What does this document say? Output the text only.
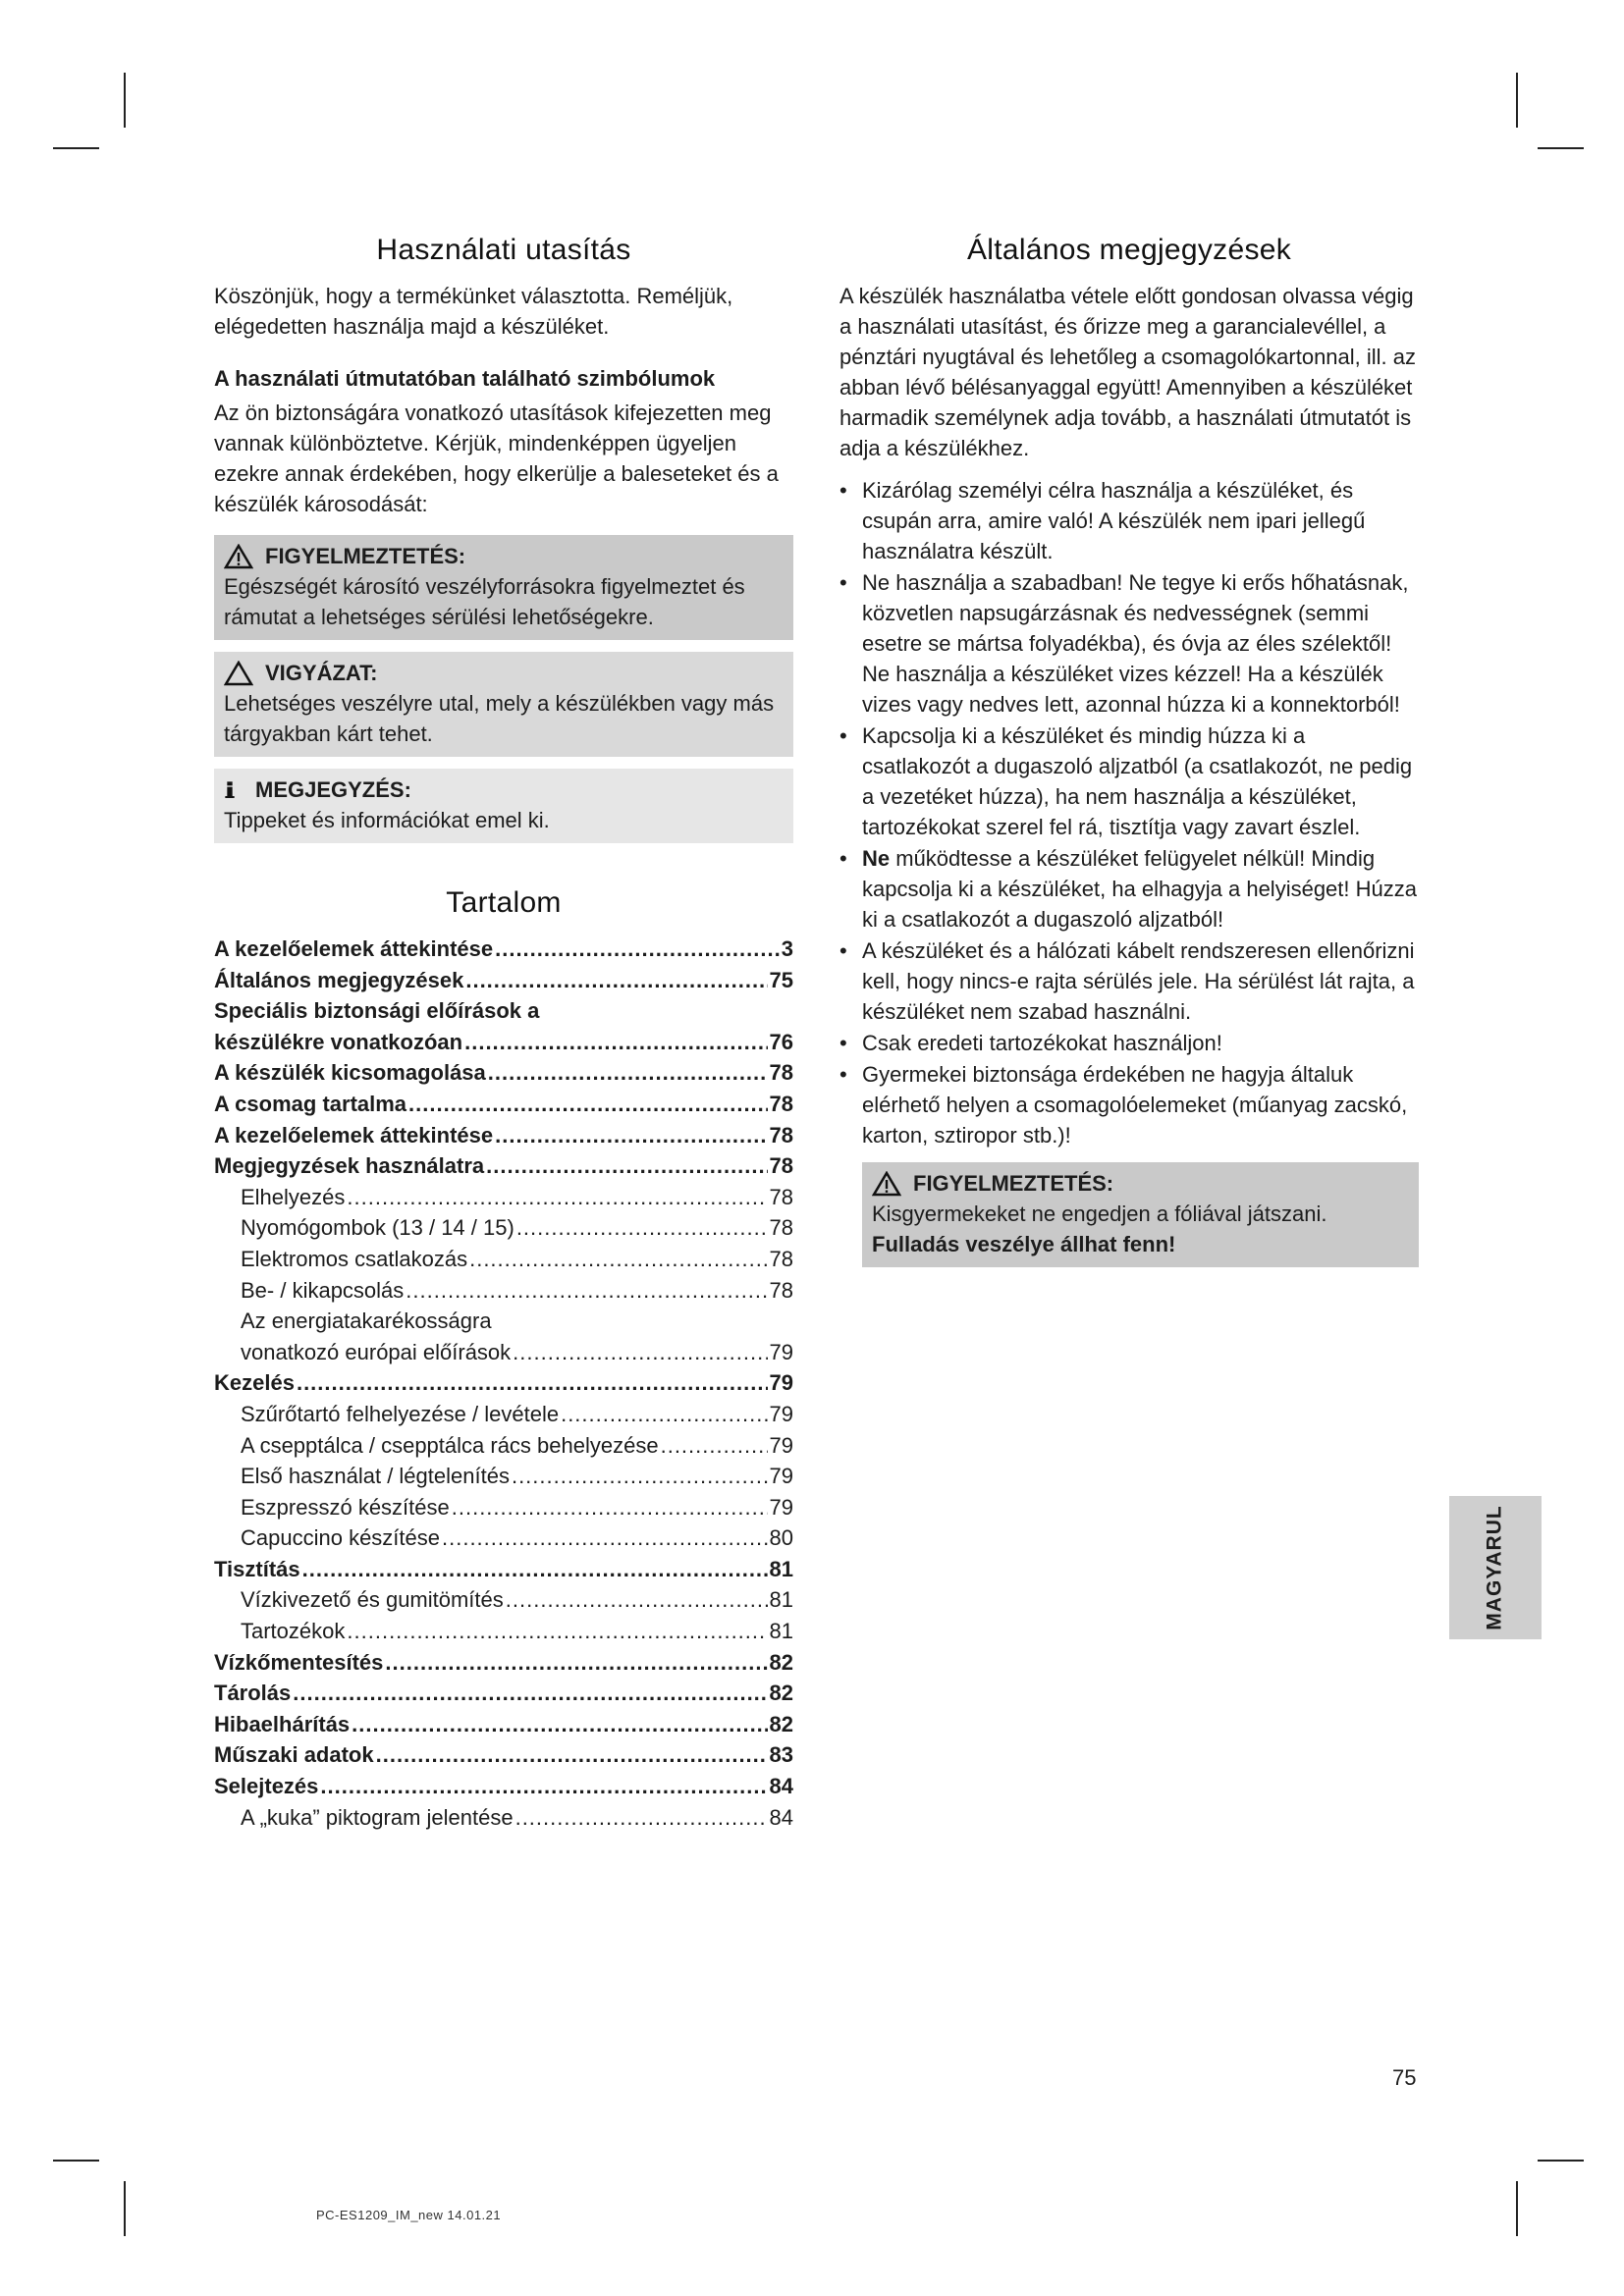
Használati utasítás

Köszönjük, hogy a termékünket választotta. Reméljük, elégedetten használja majd a készüléket.

A használati útmutatóban található szimbólumok

Az ön biztonságára vonatkozó utasítások kifejezetten meg vannak különböztetve. Kérjük, mindenképpen ügyeljen ezekre annak érdekében, hogy elkerülje a baleseteket és a készülék károsodását:

FIGYELMEZTETÉS:

Egészségét károsító veszélyforrásokra figyelmeztet és rámutat a lehetséges sérülési lehetőségekre.

VIGYÁZAT:

Lehetséges veszélyre utal, mely a készülékben vagy más tárgyakban kárt tehet.

MEGJEGYZÉS:

Tippeket és információkat emel ki.

Tartalom
A kezelőelemek áttekintése .....	3
Általános megjegyzések .....	75
Speciális biztonsági előírások a
készülékre vonatkozóan .....	76
A készülék kicsomagolása .....	78
A csomag tartalma .....	78
A kezelőelemek áttekintése .....	78
Megjegyzések használatra .....	78
Elhelyezés .....	78
Nyomógombok (13 / 14 / 15) .....	78
Elektromos csatlakozás .....	78
Be- / kikapcsolás .....	78
Az energiatakarékosságra
vonatkozó európai előírások .....	79
Kezelés .....	79
Szűrőtartó felhelyezése / levétele .....	79
A csepptálca / csepptálca rács behelyezése .....	79
Első használat / légtelenítés .....	79
Eszpresszó készítése .....	79
Capuccino készítése .....	80
Tisztítás .....	81
Vízkivezető és gumitömítés .....	81
Tartozékok .....	81
Vízkőmentesítés .....	82
Tárolás .....	82
Hibaelhárítás .....	82
Műszaki adatok .....	83
Selejtezés .....	84
A „kuka” piktogram jelentése .....	84
Általános megjegyzések

A készülék használatba vétele előtt gondosan olvassa végig a használati utasítást, és őrizze meg a garancialevéllel, a pénztári nyugtával és lehetőleg a csomagolókartonnal, ill. az abban lévő bélésanyaggal együtt! Amennyiben a készüléket harmadik személynek adja tovább, a használati útmutatót is adja a készülékhez.

• Kizárólag személyi célra használja a készüléket, és csupán arra, amire való! A készülék nem ipari jellegű használatra készült.
• Ne használja a szabadban! Ne tegye ki erős hőhatásnak, közvetlen napsugárzásnak és nedvességnek (semmi esetre se mártsa folyadékba), és óvja az éles szélektől! Ne használja a készüléket vizes kézzel! Ha a készülék vizes vagy nedves lett, azonnal húzza ki a konnektorból!
• Kapcsolja ki a készüléket és mindig húzza ki a csatlakozót a dugaszoló aljzatból (a csatlakozót, ne pedig a vezetéket húzza), ha nem használja a készüléket, tartozékokat szerel fel rá, tisztítja vagy zavart észlel.
• Ne működtesse a készüléket felügyelet nélkül! Mindig kapcsolja ki a készüléket, ha elhagyja a helyiséget! Húzza ki a csatlakozót a dugaszoló aljzatból!
• A készüléket és a hálózati kábelt rendszeresen ellenőrizni kell, hogy nincs-e rajta sérülés jele. Ha sérülést lát rajta, a készüléket nem szabad használni.
• Csak eredeti tartozékokat használjon!
• Gyermekei biztonsága érdekében ne hagyja általuk elérhető helyen a csomagolóelemeket (műanyag zacskó, karton, sztiropor stb.)!
FIGYELMEZTETÉS:

Kisgyermekeket ne engedjen a fóliával játszani. Fulladás veszélye állhat fenn!

MAGYARUL
75
PC-ES1209_IM_new 14.01.21
